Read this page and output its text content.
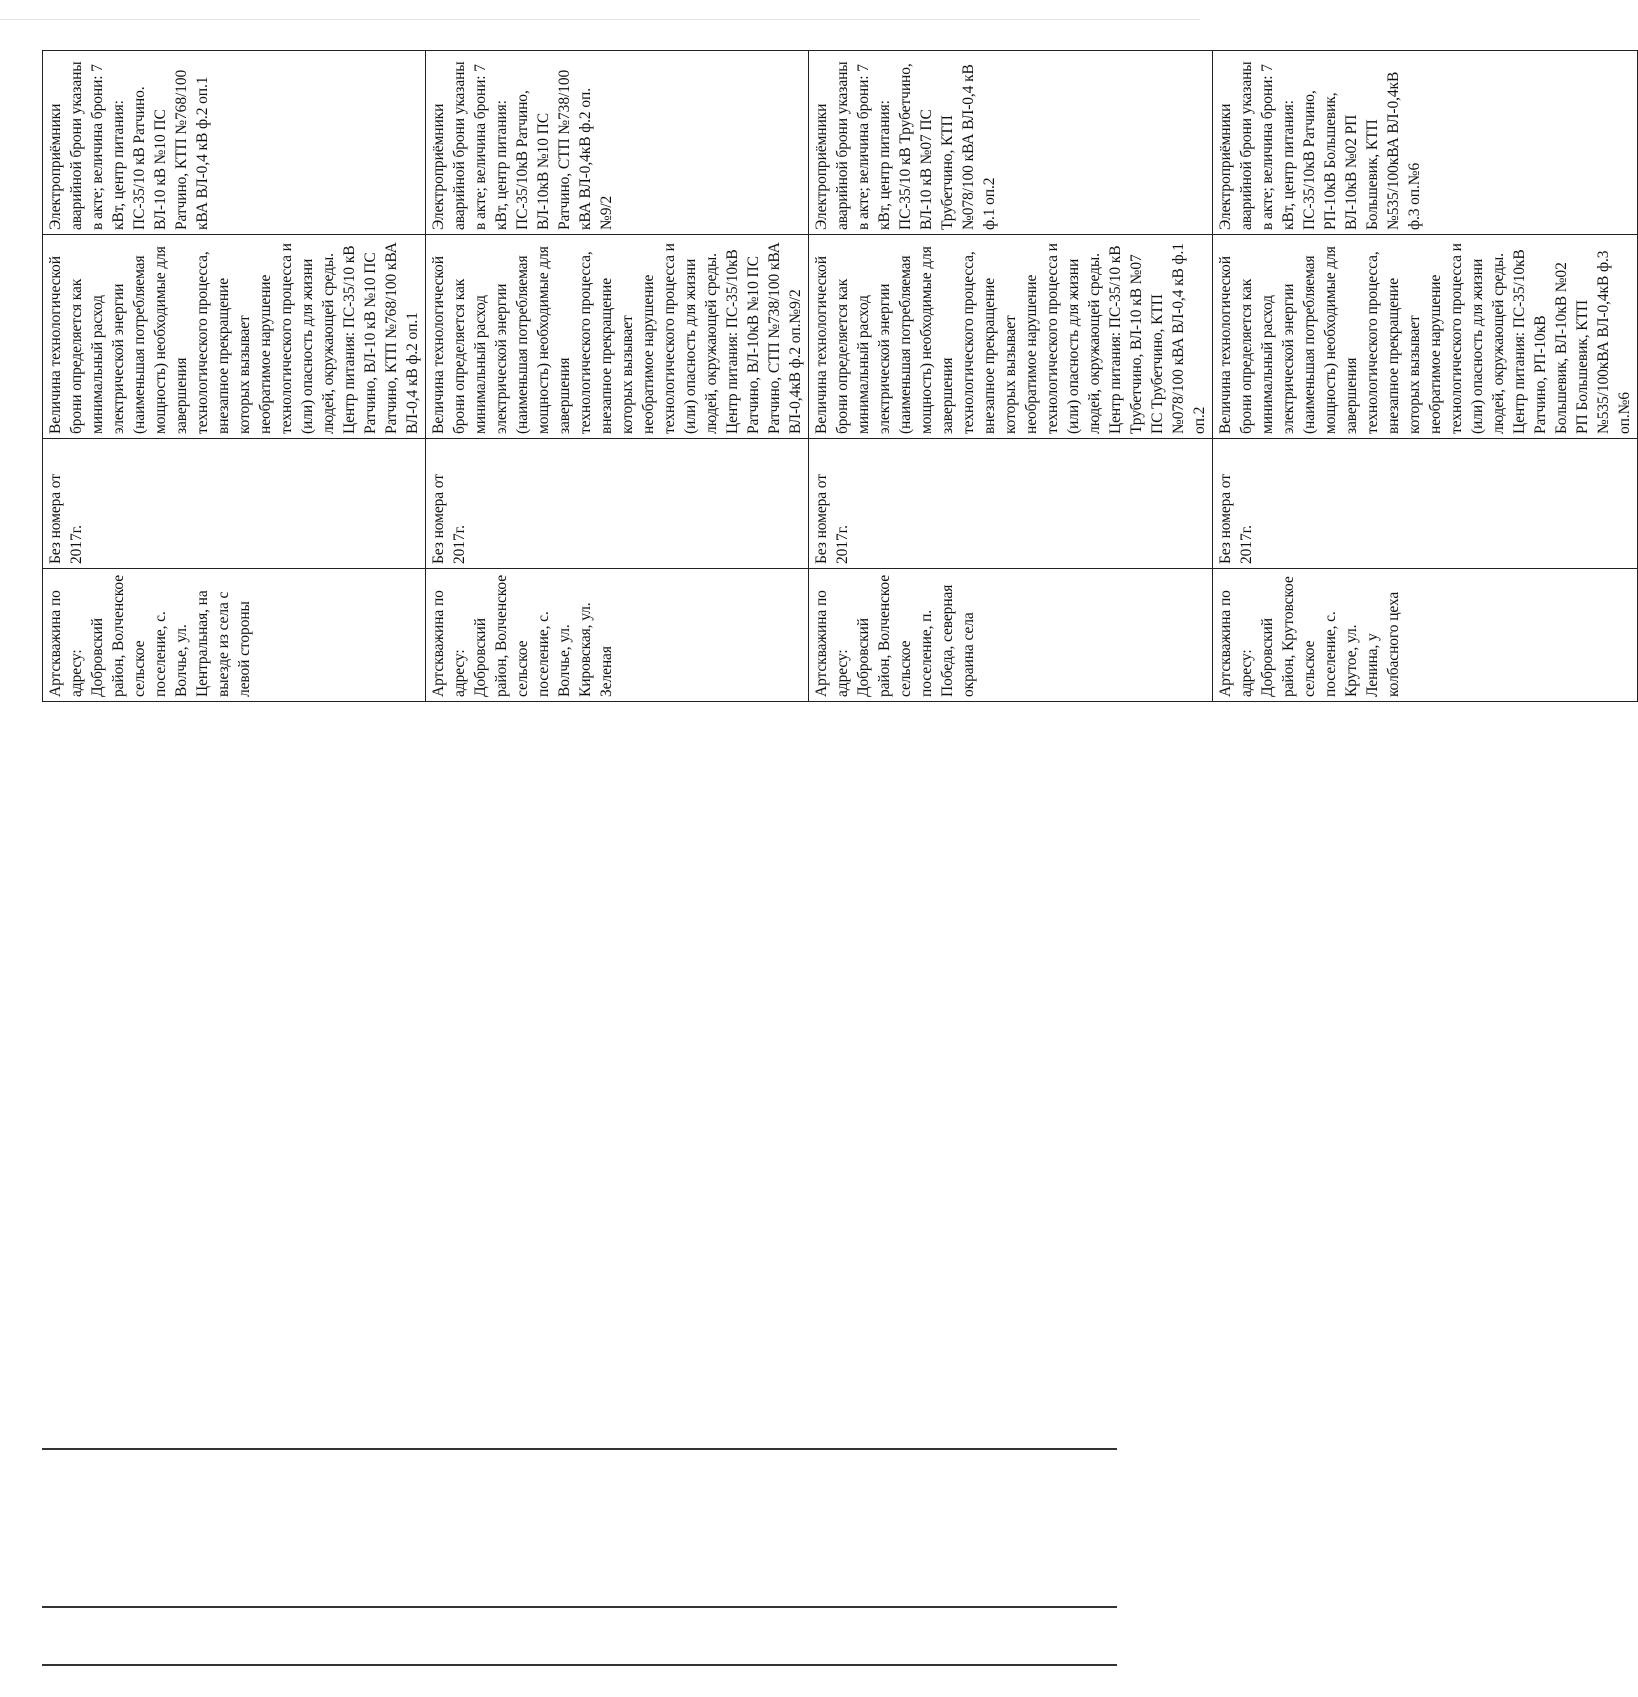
Артскважина по адресу: Добровский район, Волченское сельское поселение, с. Волчье, ул. Центральная, на выезде из села с левой стороны	Без номера от 2017г.	Величина технологической брони определяется как минимальный расход электрической энергии (наименьшая потребляемая мощность) необходимые для завершения технологического процесса, внезапное прекращение которых вызывает необратимое нарушение технологического процесса и (или) опасность для жизни людей, окружающей среды. Центр питания: ПС-35/10 кВ Ратчино, ВЛ-10 кВ №10 ПС Ратчино, КТП №768/100 кВА ВЛ-0,4 кВ ф.2 оп.1	Электроприёмники аварийной брони указаны в акте; величина брони: 7 кВт, центр питания: ПС-35/10 кВ Ратчино. ВЛ-10 кВ №10 ПС Ратчино, КТП №768/100 кВА ВЛ-0,4 кВ ф.2 оп.1
Артскважина по адресу: Добровский район, Волченское сельское поселение, с. Волчье, ул. Кировская, ул. Зеленая	Без номера от 2017г.	Величина технологической брони определяется как минимальный расход электрической энергии (наименьшая потребляемая мощность) необходимые для завершения технологического процесса, внезапное прекращение которых вызывает необратимое нарушение технологического процесса и (или) опасность для жизни людей, окружающей среды. Центр питания: ПС-35/10кВ Ратчино, ВЛ-10кВ №10 ПС Ратчино, СТП №738/100 кВА ВЛ-0,4кВ ф.2 оп.№9/2	Электроприёмники аварийной брони указаны в акте; величина брони: 7 кВт, центр питания: ПС-35/10кВ Ратчино, ВЛ-10кВ №10 ПС Ратчино, СТП №738/100 кВА ВЛ-0,4кВ ф.2 оп.№9/2
Артскважина по адресу: Добровский район, Волченское сельское поселение, п. Победа, северная окраина села	Без номера от 2017г.	Величина технологической брони определяется как минимальный расход электрической энергии (наименьшая потребляемая мощность) необходимые для завершения технологического процесса, внезапное прекращение которых вызывает необратимое нарушение технологического процесса и (или) опасность для жизни людей, окружающей среды. Центр питания: ПС-35/10 кВ Трубетчино, ВЛ-10 кВ №07 ПС Трубетчино, КТП №078/100 кВА ВЛ-0,4 кВ ф.1 оп.2	Электроприёмники аварийной брони указаны в акте; величина брони: 7 кВт, центр питания: ПС-35/10 кВ Трубетчино, ВЛ-10 кВ №07 ПС Трубетчино, КТП №078/100 кВА ВЛ-0,4 кВ ф.1 оп.2
Артскважина по адресу: Добровский район, Крутовское сельское поселение, с. Крутое, ул. Ленина, у колбасного цеха	Без номера от 2017г.	Величина технологической брони определяется как минимальный расход электрической энергии (наименьшая потребляемая мощность) необходимые для завершения технологического процесса, внезапное прекращение которых вызывает необратимое нарушение технологического процесса и (или) опасность для жизни людей, окружающей среды. Центр питания: ПС-35/10кВ Ратчино, РП-10кВ Большевик, ВЛ-10кВ №02 РП Большевик, КТП №535/100кВА ВЛ-0,4кВ ф.3 оп.№6	Электроприёмники аварийной брони указаны в акте; величина брони: 7 кВт, центр питания: ПС-35/10кВ Ратчино, РП-10кВ Большевик, ВЛ-10кВ №02 РП Большевик, КТП №535/100кВА ВЛ-0,4кВ ф.3 оп.№6
